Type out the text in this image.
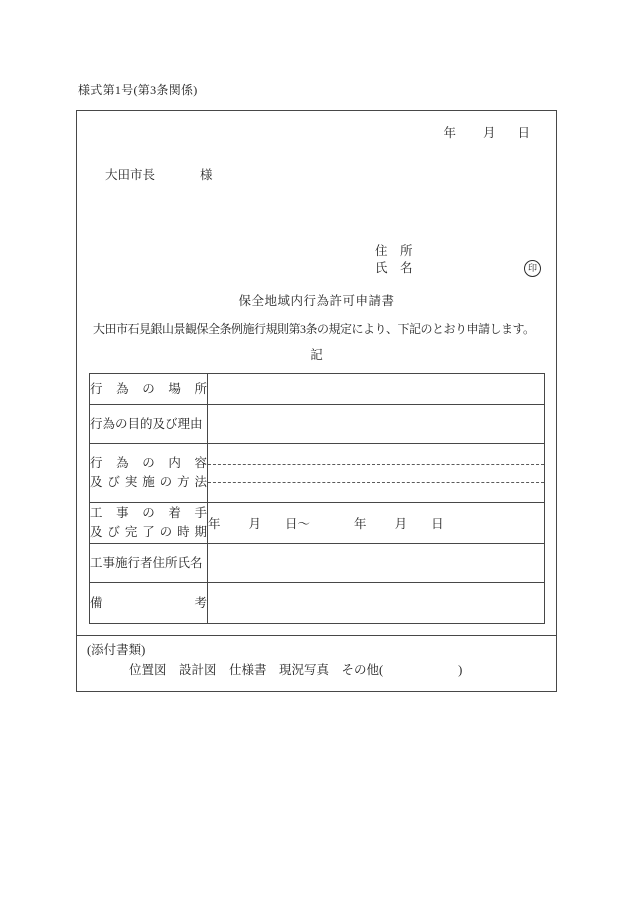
様式第1号(第3条関係)
年 月 日
大田市長	様
住　所
氏　名	印
保全地域内行為許可申請書
大田市石見銀山景観保全条例施行規則第3条の規定により、下記のとおり申請します。
記
行 為 の 場 所	

行為の目的及び理由	

行 為 の 内 容
及 び 実 施 の 方 法	

工 事 の 着 手
及 び 完 了 の 時 期	年 月 日～ 年 月 日

工事施行者住所氏名	

備 考	

(添付書類)
位置図　設計図　仕様書　現況写真　その他(　　　　　　)
